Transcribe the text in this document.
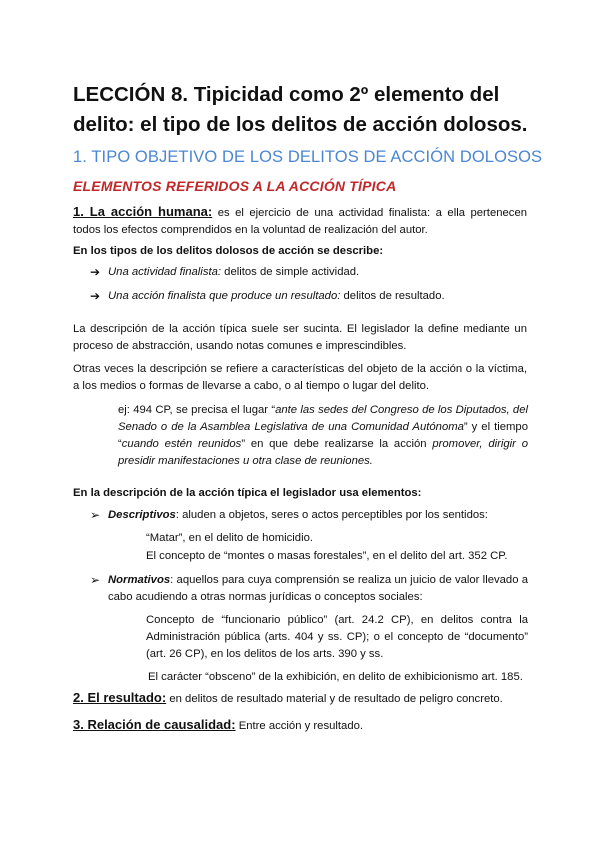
LECCIÓN 8. Tipicidad como 2º elemento del delito: el tipo de los delitos de acción dolosos.
1. TIPO OBJETIVO DE LOS DELITOS DE ACCIÓN DOLOSOS
ELEMENTOS REFERIDOS A LA ACCIÓN TÍPICA

1. La acción humana: es el ejercicio de una actividad finalista: a ella pertenecen todos los efectos comprendidos en la voluntad de realización del autor.

En los tipos de los delitos dolosos de acción se describe:

➔ Una actividad finalista: delitos de simple actividad.

➔ Una acción finalista que produce un resultado: delitos de resultado.

La descripción de la acción típica suele ser sucinta. El legislador la define mediante un proceso de abstracción, usando notas comunes e imprescindibles.

Otras veces la descripción se refiere a características del objeto de la acción o la víctima, a los medios o formas de llevarse a cabo, o al tiempo o lugar del delito.

ej: 494 CP, se precisa el lugar “ante las sedes del Congreso de los Diputados, del Senado o de la Asamblea Legislativa de una Comunidad Autónoma” y el tiempo “cuando estén reunidos” en que debe realizarse la acción promover, dirigir o presidir manifestaciones u otra clase de reuniones.

En la descripción de la acción típica el legislador usa elementos:

➢ Descriptivos: aluden a objetos, seres o actos perceptibles por los sentidos:

“Matar”, en el delito de homicidio.

El concepto de “montes o masas forestales”, en el delito del art. 352 CP.

➢ Normativos: aquellos para cuya comprensión se realiza un juicio de valor llevado a cabo acudiendo a otras normas jurídicas o conceptos sociales:

Concepto de “funcionario público” (art. 24.2 CP), en delitos contra la Administración pública (arts. 404 y ss. CP); o el concepto de “documento” (art. 26 CP), en los delitos de los arts. 390 y ss.

El carácter “obsceno” de la exhibición, en delito de exhibicionismo art. 185.

2. El resultado: en delitos de resultado material y de resultado de peligro concreto.

3. Relación de causalidad: Entre acción y resultado.
